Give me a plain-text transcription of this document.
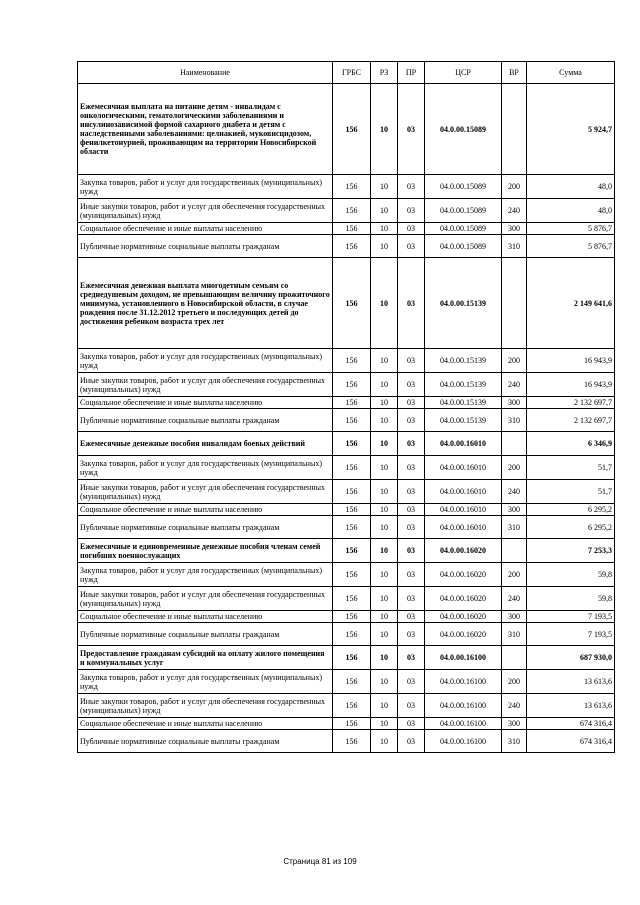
Наименование	ГРБС	РЗ	ПР	ЦСР	ВР	Сумма
Ежемесячная выплата на питание детям - инвалидам с онкологическими, гематологическими заболеваниями и инсулинозависимой формой сахарного диабета и детям с наследственными заболеваниями: целиакией, муковисцидозом, фенилкетонурией, проживающим на территории Новосибирской области	156	10	03	04.0.00.15089		5 924,7
Закупка товаров, работ и услуг для государственных (муниципальных) нужд	156	10	03	04.0.00.15089	200	48,0
Иные закупки товаров, работ и услуг для обеспечения государственных (муниципальных) нужд	156	10	03	04.0.00.15089	240	48,0
Социальное обеспечение и иные выплаты населению	156	10	03	04.0.00.15089	300	5 876,7
Публичные нормативные социальные выплаты гражданам	156	10	03	04.0.00.15089	310	5 876,7
Ежемесячная денежная выплата многодетным семьям со среднедушевым доходом, не превышающим величину прожиточного минимума, установленного в Новосибирской области, в случае рождения после 31.12.2012 третьего и последующих детей до достижения ребенком возраста трех лет	156	10	03	04.0.00.15139		2 149 641,6
Закупка товаров, работ и услуг для государственных (муниципальных) нужд	156	10	03	04.0.00.15139	200	16 943,9
Иные закупки товаров, работ и услуг для обеспечения государственных (муниципальных) нужд	156	10	03	04.0.00.15139	240	16 943,9
Социальное обеспечение и иные выплаты населению	156	10	03	04.0.00.15139	300	2 132 697,7
Публичные нормативные социальные выплаты гражданам	156	10	03	04.0.00.15139	310	2 132 697,7
Ежемесячные денежные пособия инвалидам боевых действий	156	10	03	04.0.00.16010		6 346,9
Закупка товаров, работ и услуг для государственных (муниципальных) нужд	156	10	03	04.0.00.16010	200	51,7
Иные закупки товаров, работ и услуг для обеспечения государственных (муниципальных) нужд	156	10	03	04.0.00.16010	240	51,7
Социальное обеспечение и иные выплаты населению	156	10	03	04.0.00.16010	300	6 295,2
Публичные нормативные социальные выплаты гражданам	156	10	03	04.0.00.16010	310	6 295,2
Ежемесячные и единовременные денежные пособия членам семей погибших военнослужащих	156	10	03	04.0.00.16020		7 253,3
Закупка товаров, работ и услуг для государственных (муниципальных) нужд	156	10	03	04.0.00.16020	200	59,8
Иные закупки товаров, работ и услуг для обеспечения государственных (муниципальных) нужд	156	10	03	04.0.00.16020	240	59,8
Социальное обеспечение и иные выплаты населению	156	10	03	04.0.00.16020	300	7 193,5
Публичные нормативные социальные выплаты гражданам	156	10	03	04.0.00.16020	310	7 193,5
Предоставление гражданам субсидий на оплату жилого помещения и коммунальных услуг	156	10	03	04.0.00.16100		687 930,0
Закупка товаров, работ и услуг для государственных (муниципальных) нужд	156	10	03	04.0.00.16100	200	13 613,6
Иные закупки товаров, работ и услуг для обеспечения государственных (муниципальных) нужд	156	10	03	04.0.00.16100	240	13 613,6
Социальное обеспечение и иные выплаты населению	156	10	03	04.0.00.16100	300	674 316,4
Публичные нормативные социальные выплаты гражданам	156	10	03	04.0.00.16100	310	674 316,4
Страница 81 из 109
